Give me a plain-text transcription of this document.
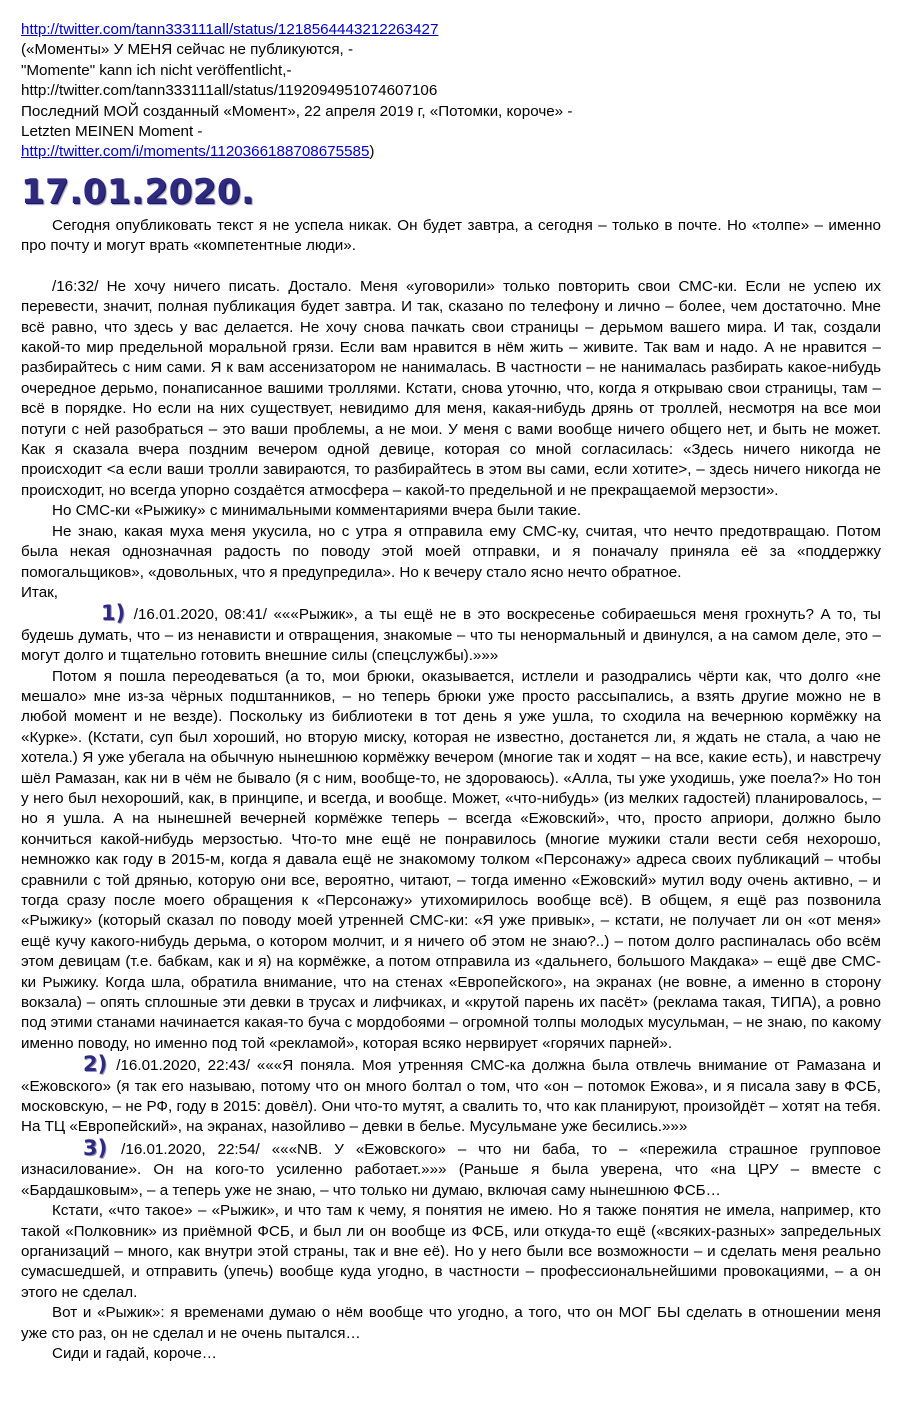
http://twitter.com/tann333111all/status/1218564443212263427
(«Моменты» У МЕНЯ сейчас не публикуются, -
"Momente" kann ich nicht veröffentlicht,-
http://twitter.com/tann333111all/status/1192094951074607106
Последний МОЙ созданный «Момент», 22 апреля 2019 г, «Потомки, короче» -
Letzten MEINEN Moment -
http://twitter.com/i/moments/1120366188708675585)
17.01.2020.

Сегодня опубликовать текст я не успела никак. Он будет завтра, а сегодня – только в почте. Но «толпе» – именно про почту и могут врать «компетентные люди».

/16:32/ Не хочу ничего писать. Достало. Меня «уговорили» только повторить свои СМС-ки. Если не успею их перевести, значит, полная публикация будет завтра. И так, сказано по телефону и лично – более, чем достаточно. Мне всё равно, что здесь у вас делается. Не хочу снова пачкать свои страницы – дерьмом вашего мира. И так, создали какой-то мир предельной моральной грязи. Если вам нравится в нём жить – живите. Так вам и надо. А не нравится – разбирайтесь с ним сами. Я к вам ассенизатором не нанималась. В частности – не нанималась разбирать какое-нибудь очередное дерьмо, понаписанное вашими троллями. Кстати, снова уточню, что, когда я открываю свои страницы, там – всё в порядке. Но если на них существует, невидимо для меня, какая-нибудь дрянь от троллей, несмотря на все мои потуги с ней разобраться – это ваши проблемы, а не мои. У меня с вами вообще ничего общего нет, и быть не может. Как я сказала вчера поздним вечером одной девице, которая со мной согласилась: «Здесь ничего никогда не происходит <а если ваши тролли завираются, то разбирайтесь в этом вы сами, если хотите>, – здесь ничего никогда не происходит, но всегда упорно создаётся атмосфера – какой-то предельной и не прекращаемой мерзости».

Но СМС-ки «Рыжику» с минимальными комментариями вчера были такие.

Не знаю, какая муха меня укусила, но с утра я отправила ему СМС-ку, считая, что нечто предотвращаю. Потом была некая однозначная радость по поводу этой моей отправки, и я поначалу приняла её за «поддержку помогальщиков», «довольных, что я предупредила». Но к вечеру стало ясно нечто обратное.

Итак,

1) /16.01.2020, 08:41/ «««Рыжик», а ты ещё не в это воскресенье собираешься меня грохнуть? А то, ты будешь думать, что – из ненависти и отвращения, знакомые – что ты ненормальный и двинулся, а на самом деле, это – могут долго и тщательно готовить внешние силы (спецслужбы).»»»

Потом я пошла переодеваться (а то, мои брюки, оказывается, истлели и разодрались чёрти как, что долго «не мешало» мне из-за чёрных подштанников, – но теперь брюки уже просто рассыпались, а взять другие можно не в любой момент и не везде). Поскольку из библиотеки в тот день я уже ушла, то сходила на вечернюю кормёжку на «Курке». (Кстати, суп был хороший, но вторую миску, которая не известно, достанется ли, я ждать не стала, а чаю не хотела.) Я уже убегала на обычную нынешнюю кормёжку вечером (многие так и ходят – на все, какие есть), и навстречу шёл Рамазан, как ни в чём не бывало (я с ним, вообще-то, не здороваюсь). «Алла, ты уже уходишь, уже поела?» Но тон у него был нехороший, как, в принципе, и всегда, и вообще. Может, «что-нибудь» (из мелких гадостей) планировалось, – но я ушла. А на нынешней вечерней кормёжке теперь – всегда «Ежовский», что, просто априори, должно было кончиться какой-нибудь мерзостью. Что-то мне ещё не понравилось (многие мужики стали вести себя нехорошо, немножко как году в 2015-м, когда я давала ещё не знакомому толком «Персонажу» адреса своих публикаций – чтобы сравнили с той дрянью, которую они все, вероятно, читают, – тогда именно «Ежовский» мутил воду очень активно, – и тогда сразу после моего обращения к «Персонажу» утихомирилось вообще всё). В общем, я ещё раз позвонила «Рыжику» (который сказал по поводу моей утренней СМС-ки: «Я уже привык», – кстати, не получает ли он «от меня» ещё кучу какого-нибудь дерьма, о котором молчит, и я ничего об этом не знаю?..) – потом долго распиналась обо всём этом девицам (т.е. бабкам, как и я) на кормёжке, а потом отправила из «дальнего, большого Макдака» – ещё две СМС-ки Рыжику. Когда шла, обратила внимание, что на стенах «Европейского», на экранах (не вовне, а именно в сторону вокзала) – опять сплошные эти девки в трусах и лифчиках, и «крутой парень их пасёт» (реклама такая, ТИПА), а ровно под этими станами начинается какая-то буча с мордобоями – огромной толпы молодых мусульман, – не знаю, по какому именно поводу, но именно под той «рекламой», которая всяко нервирует «горячих парней».

2) /16.01.2020, 22:43/ «««Я поняла. Моя утренняя СМС-ка должна была отвлечь внимание от Рамазана и «Ежовского» (я так его называю, потому что он много болтал о том, что «он – потомок Ежова», и я писала заву в ФСБ, московскую, – не РФ, году в 2015: довёл). Они что-то мутят, а свалить то, что как планируют, произойдёт – хотят на тебя. На ТЦ «Европейский», на экранах, назойливо – девки в белье. Мусульмане уже бесились.»»»

3) /16.01.2020, 22:54/ «««NB. У «Ежовского» – что ни баба, то – «пережила страшное групповое изнасилование». Он на кого-то усиленно работает.»»» (Раньше я была уверена, что «на ЦРУ – вместе с «Бардашковым», – а теперь уже не знаю, – что только ни думаю, включая саму нынешнюю ФСБ…

Кстати, «что такое» – «Рыжик», и что там к чему, я понятия не имею. Но я также понятия не имела, например, кто такой «Полковник» из приёмной ФСБ, и был ли он вообще из ФСБ, или откуда-то ещё («всяких-разных» запредельных организаций – много, как внутри этой страны, так и вне её). Но у него были все возможности – и сделать меня реально сумасшедшей, и отправить (упечь) вообще куда угодно, в частности – профессиональнейшими провокациями, – а он этого не сделал.

Вот и «Рыжик»: я временами думаю о нём вообще что угодно, а того, что он МОГ БЫ сделать в отношении меня уже сто раз, он не сделал и не очень пытался…

Сиди и гадай, короче…
